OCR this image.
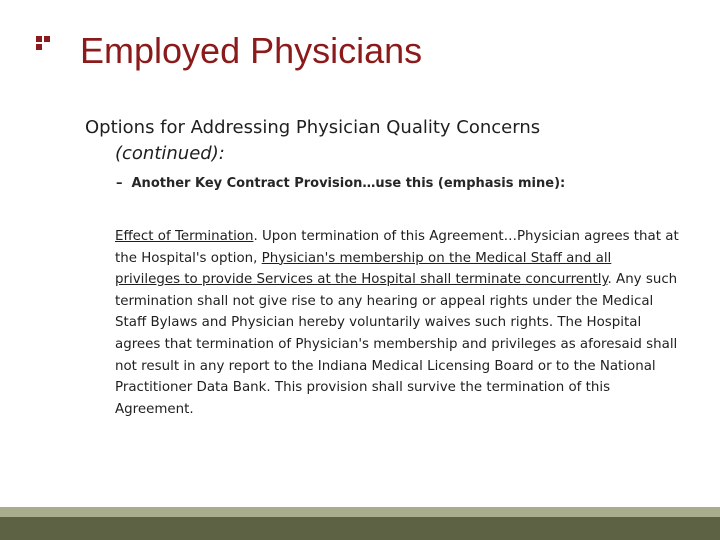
Employed Physicians
Options for Addressing Physician Quality Concerns
(continued):
– Another Key Contract Provision…use this (emphasis mine):
Effect of Termination. Upon termination of this Agreement…Physician agrees that at the Hospital's option, Physician's membership on the Medical Staff and all privileges to provide Services at the Hospital shall terminate concurrently. Any such termination shall not give rise to any hearing or appeal rights under the Medical Staff Bylaws and Physician hereby voluntarily waives such rights. The Hospital agrees that termination of Physician's membership and privileges as aforesaid shall not result in any report to the Indiana Medical Licensing Board or to the National Practitioner Data Bank. This provision shall survive the termination of this Agreement.
